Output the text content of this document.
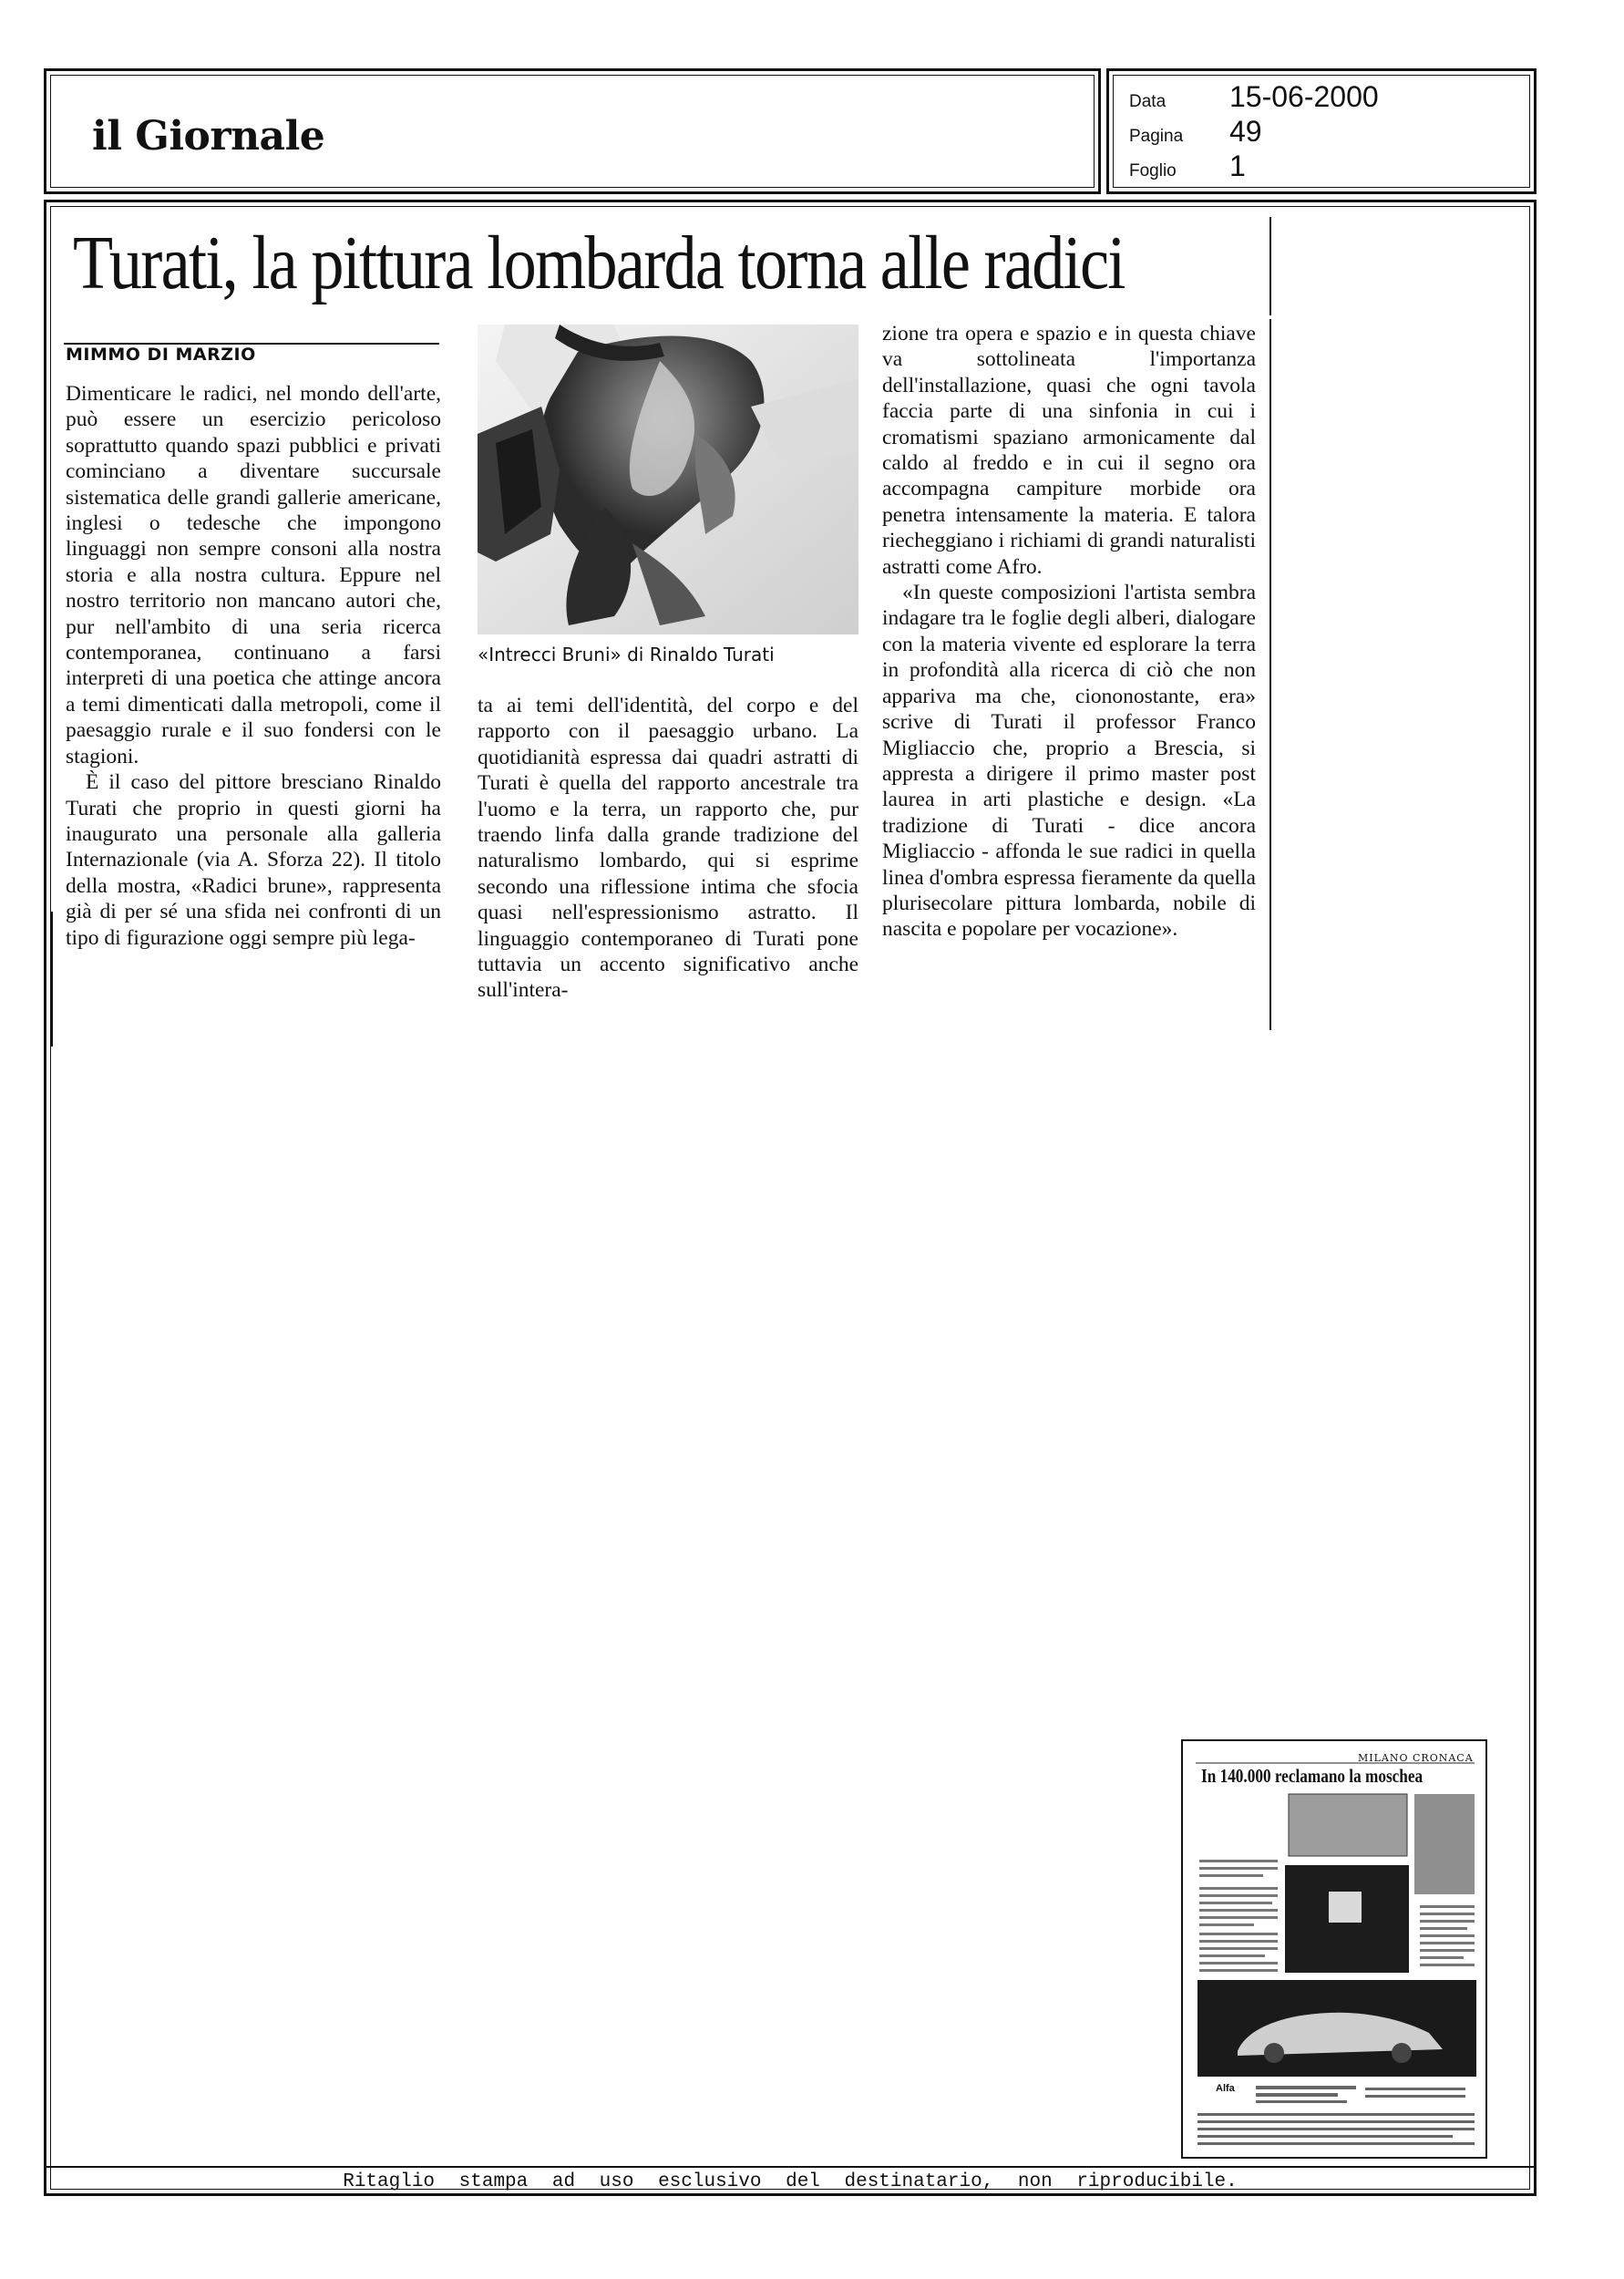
il Giornale
Data	15-06-2000
Pagina	49
Foglio	1
Turati, la pittura lombarda torna alle radici
MIMMO DI MARZIO

Dimenticare le radici, nel mondo dell'arte, può essere un esercizio pericoloso soprattutto quando spazi pubblici e privati cominciano a diventare succursale sistematica delle grandi gallerie americane, inglesi o tedesche che impongono linguaggi non sempre consoni alla nostra storia e alla nostra cultura. Eppure nel nostro territorio non mancano autori che, pur nell'ambito di una seria ricerca contemporanea, continuano a farsi interpreti di una poetica che attinge ancora a temi dimenticati dalla metropoli, come il paesaggio rurale e il suo fondersi con le stagioni.

È il caso del pittore bresciano Rinaldo Turati che proprio in questi giorni ha inaugurato una personale alla galleria Internazionale (via A. Sforza 22). Il titolo della mostra, «Radici brune», rappresenta già di per sé una sfida nei confronti di un tipo di figurazione oggi sempre più lega-

«Intrecci Bruni» di Rinaldo Turati

ta ai temi dell'identità, del corpo e del rapporto con il paesaggio urbano. La quotidianità espressa dai quadri astratti di Turati è quella del rapporto ancestrale tra l'uomo e la terra, un rapporto che, pur traendo linfa dalla grande tradizione del naturalismo lombardo, qui si esprime secondo una riflessione intima che sfocia quasi nell'espressionismo astratto. Il linguaggio contemporaneo di Turati pone tuttavia un accento significativo anche sull'intera-

zione tra opera e spazio e in questa chiave va sottolineata l'importanza dell'installazione, quasi che ogni tavola faccia parte di una sinfonia in cui i cromatismi spaziano armonicamente dal caldo al freddo e in cui il segno ora accompagna campiture morbide ora penetra intensamente la materia. E talora riecheggiano i richiami di grandi naturalisti astratti come Afro.

«In queste composizioni l'artista sembra indagare tra le foglie degli alberi, dialogare con la materia vivente ed esplorare la terra in profondità alla ricerca di ciò che non appariva ma che, ciononostante, era» scrive di Turati il professor Franco Migliaccio che, proprio a Brescia, si appresta a dirigere il primo master post laurea in arti plastiche e design. «La tradizione di Turati - dice ancora Migliaccio - affonda le sue radici in quella linea d'ombra espressa fieramente da quella plurisecolare pittura lombarda, nobile di nascita e popolare per vocazione».

MILANO CRONACA
In 140.000 reclamano la moschea
Alfa
Ritaglio stampa ad uso esclusivo del destinatario, non riproducibile.
